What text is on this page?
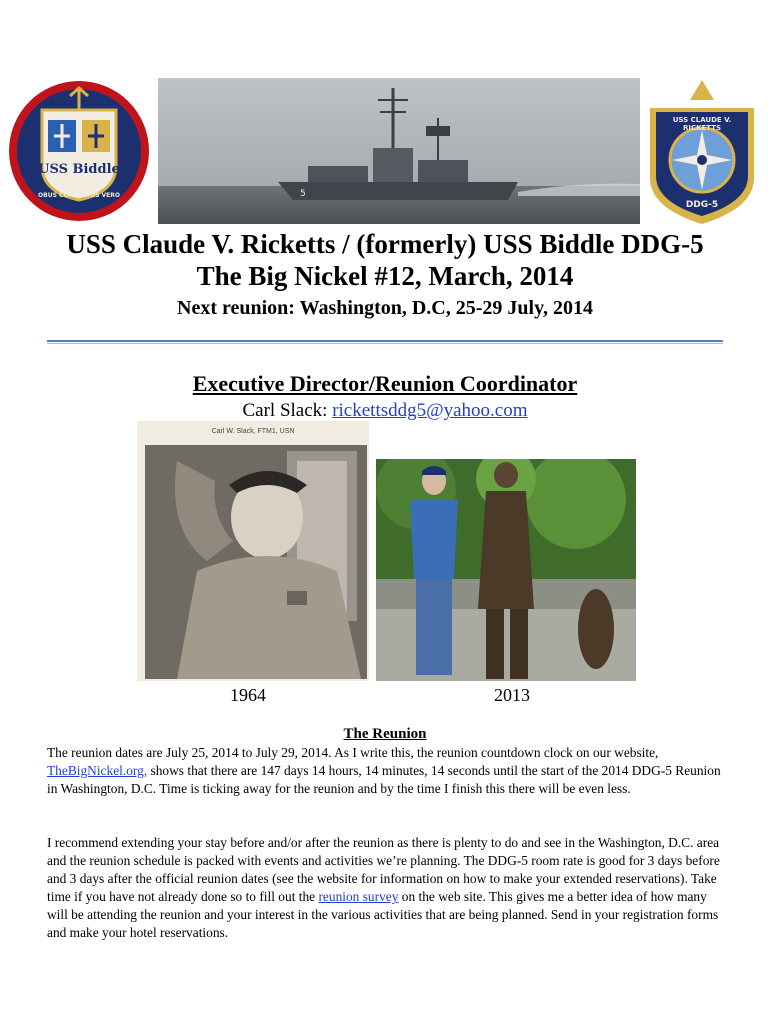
USS Biddle
OBUS CONFECTUS VERO	5
USS CLAUDE V. RICKETTS
DDG-5
USS Claude V. Ricketts / (formerly) USS Biddle DDG-5
The Big Nickel #12, March, 2014
Next reunion: Washington, D.C, 25-29 July, 2014
Executive Director/Reunion Coordinator
Carl Slack: rickettsddg5@yahoo.com
Carl W. Slack, FTM1, USN
1964	2013
The Reunion
The reunion dates are July 25, 2014 to July 29, 2014. As I write this, the reunion countdown clock on our website, TheBigNickel.org, shows that there are 147 days 14 hours, 14 minutes, 14 seconds until the start of the 2014 DDG-5 Reunion in Washington, D.C. Time is ticking away for the reunion and by the time I finish this there will be even less.
I recommend extending your stay before and/or after the reunion as there is plenty to do and see in the Washington, D.C. area and the reunion schedule is packed with events and activities we’re planning. The DDG-5 room rate is good for 3 days before and 3 days after the official reunion dates (see the website for information on how to make your extended reservations). Take time if you have not already done so to fill out the reunion survey on the web site. This gives me a better idea of how many will be attending the reunion and your interest in the various activities that are being planned. Send in your registration forms and make your hotel reservations.
